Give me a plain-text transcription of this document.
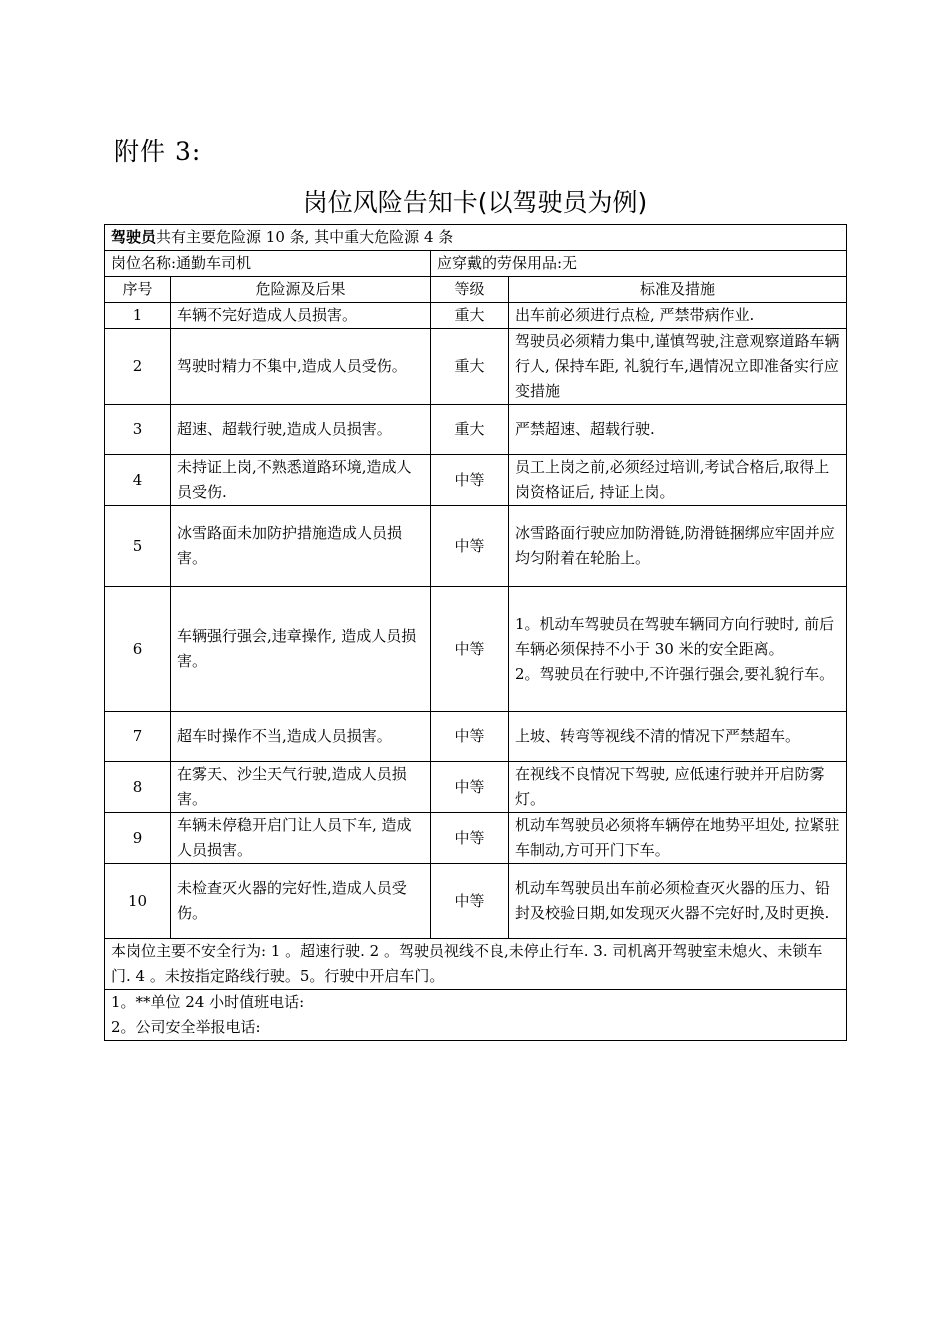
附件 3:
岗位风险告知卡(以驾驶员为例)
驾驶员共有主要危险源 10 条, 其中重大危险源 4 条			
岗位名称:通勤车司机		应穿戴的劳保用品:无	
序号	危险源及后果	等级	标准及措施
1	车辆不完好造成人员损害。	重大	出车前必须进行点检, 严禁带病作业.
2	驾驶时精力不集中,造成人员受伤。	重大	驾驶员必须精力集中,谨慎驾驶,注意观察道路车辆行人, 保持车距, 礼貌行车,遇情况立即准备实行应变措施
3	超速、超载行驶,造成人员损害。	重大	严禁超速、超载行驶.
4	未持证上岗,不熟悉道路环境,造成人员受伤.	中等	员工上岗之前,必须经过培训,考试合格后,取得上岗资格证后, 持证上岗。
5	冰雪路面未加防护措施造成人员损害。	中等	冰雪路面行驶应加防滑链,防滑链捆绑应牢固并应均匀附着在轮胎上。
6	车辆强行强会,违章操作, 造成人员损害。	中等	1。机动车驾驶员在驾驶车辆同方向行驶时, 前后车辆必须保持不小于 30 米的安全距离。
2。驾驶员在行驶中,不许强行强会,要礼貌行车。

7	超车时操作不当,造成人员损害。	中等	上坡、转弯等视线不清的情况下严禁超车。
8	在雾天、沙尘天气行驶,造成人员损害。	中等	在视线不良情况下驾驶, 应低速行驶并开启防雾灯。
9	车辆未停稳开启门让人员下车, 造成人员损害。	中等	机动车驾驶员必须将车辆停在地势平坦处, 拉紧驻车制动,方可开门下车。
10	未检查灭火器的完好性,造成人员受伤。	中等	机动车驾驶员出车前必须检查灭火器的压力、铅封及校验日期,如发现灭火器不完好时,及时更换.
本岗位主要不安全行为: 1 。超速行驶. 2 。驾驶员视线不良,未停止行车. 3. 司机离开驾驶室未熄火、未锁车门. 4 。未按指定路线行驶。5。行驶中开启车门。			

1。**单位 24 小时值班电话:
2。公司安全举报电话:			
